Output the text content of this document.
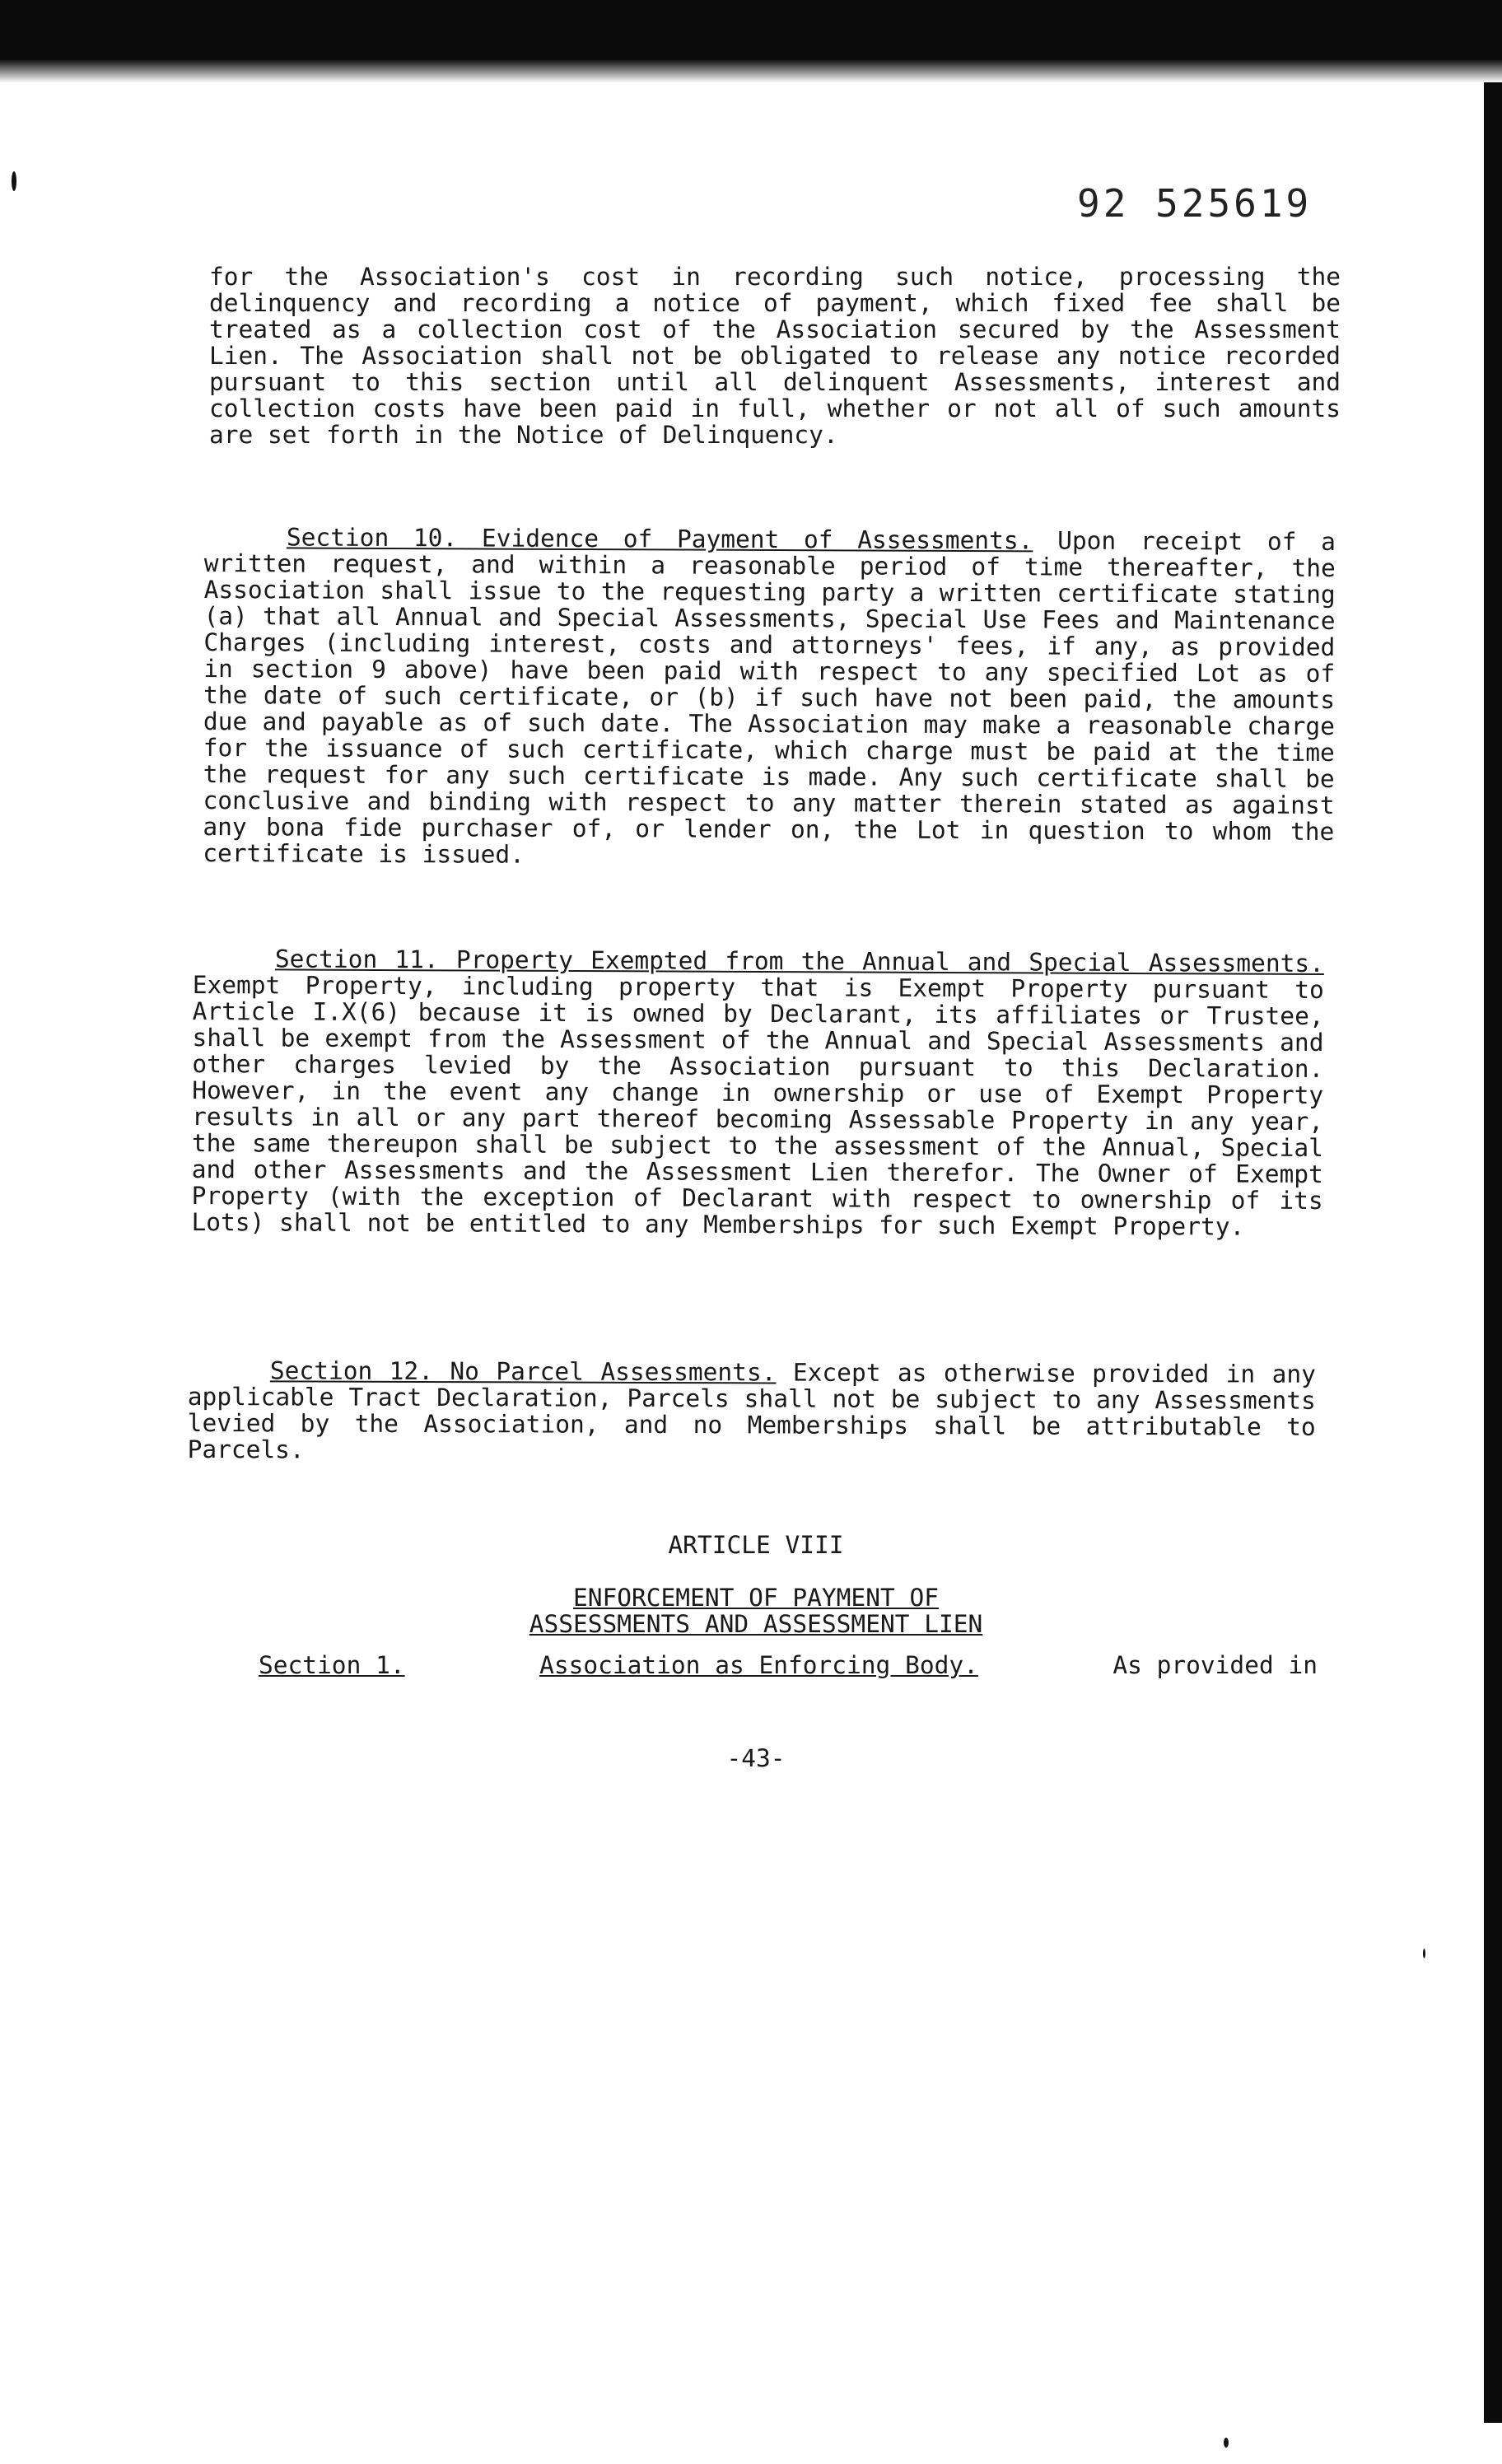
92 525619

for the Association's cost in recording such notice, processing the delinquency and recording a notice of payment, which fixed fee shall be treated as a collection cost of the Association secured by the Assessment Lien. The Association shall not be obligated to release any notice recorded pursuant to this section until all delinquent Assessments, interest and collection costs have been paid in full, whether or not all of such amounts are set forth in the Notice of Delinquency.

Section 10. Evidence of Payment of Assessments. Upon receipt of a written request, and within a reasonable period of time thereafter, the Association shall issue to the requesting party a written certificate stating (a) that all Annual and Special Assessments, Special Use Fees and Maintenance Charges (including interest, costs and attorneys' fees, if any, as provided in section 9 above) have been paid with respect to any specified Lot as of the date of such certificate, or (b) if such have not been paid, the amounts due and payable as of such date. The Association may make a reasonable charge for the issuance of such certificate, which charge must be paid at the time the request for any such certificate is made. Any such certificate shall be conclusive and binding with respect to any matter therein stated as against any bona fide purchaser of, or lender on, the Lot in question to whom the certificate is issued.

Section 11. Property Exempted from the Annual and Special Assessments. Exempt Property, including property that is Exempt Property pursuant to Article I.X(6) because it is owned by Declarant, its affiliates or Trustee, shall be exempt from the Assessment of the Annual and Special Assessments and other charges levied by the Association pursuant to this Declaration. However, in the event any change in ownership or use of Exempt Property results in all or any part thereof becoming Assessable Property in any year, the same thereupon shall be subject to the assessment of the Annual, Special and other Assessments and the Assessment Lien therefor. The Owner of Exempt Property (with the exception of Declarant with respect to ownership of its Lots) shall not be entitled to any Memberships for such Exempt Property.

Section 12. No Parcel Assessments. Except as otherwise provided in any applicable Tract Declaration, Parcels shall not be subject to any Assessments levied by the Association, and no Memberships shall be attributable to Parcels.

ARTICLE VIII
ENFORCEMENT OF PAYMENT OF
ASSESSMENTS AND ASSESSMENT LIEN
Section 1.	Association as Enforcing Body.	As provided in
-43-
